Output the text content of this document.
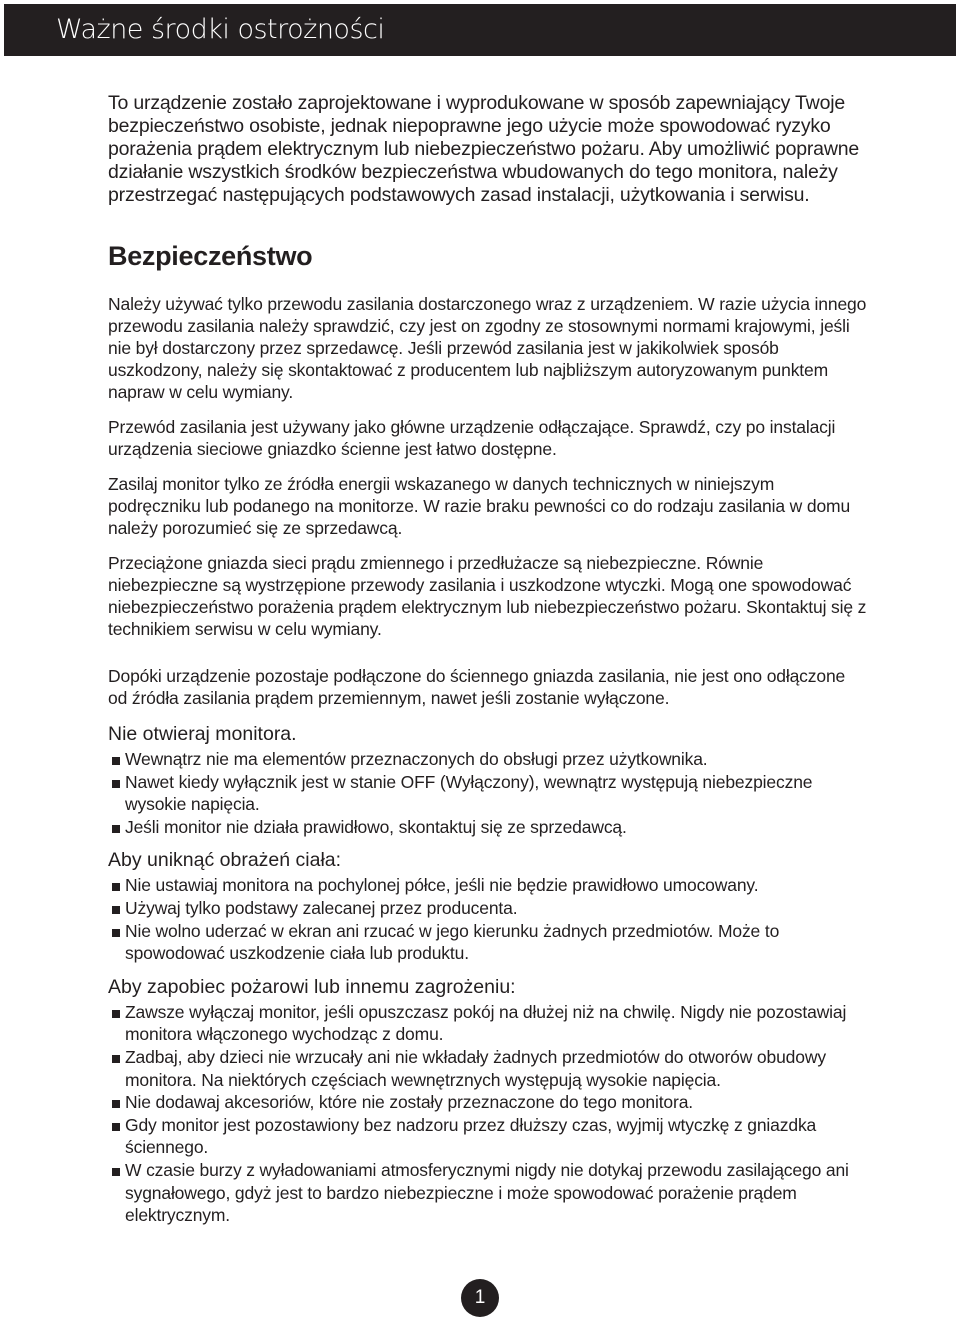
Ważne środki ostrożności

To urządzenie zostało zaprojektowane i wyprodukowane w sposób zapewniający Twoje bezpieczeństwo osobiste, jednak niepoprawne jego użycie może spowodować ryzyko porażenia prądem elektrycznym lub niebezpieczeństwo pożaru. Aby umożliwić poprawne działanie wszystkich środków bezpieczeństwa wbudowanych do tego monitora, należy przestrzegać następujących podstawowych zasad instalacji, użytkowania i serwisu.

Bezpieczeństwo

Należy używać tylko przewodu zasilania dostarczonego wraz z urządzeniem. W razie użycia innego przewodu zasilania należy sprawdzić, czy jest on zgodny ze stosownymi normami krajowymi, jeśli nie był dostarczony przez sprzedawcę. Jeśli przewód zasilania jest w jakikolwiek sposób uszkodzony, należy się skontaktować z producentem lub najbliższym autoryzowanym punktem napraw w celu wymiany.

Przewód zasilania jest używany jako główne urządzenie odłączające. Sprawdź, czy po instalacji urządzenia sieciowe gniazdko ścienne jest łatwo dostępne.

Zasilaj monitor tylko ze źródła energii wskazanego w danych technicznych w niniejszym podręczniku lub podanego na monitorze. W razie braku pewności co do rodzaju zasilania w domu należy porozumieć się ze sprzedawcą.

Przeciążone gniazda sieci prądu zmiennego i przedłużacze są niebezpieczne. Równie niebezpieczne są wystrzępione przewody zasilania i uszkodzone wtyczki. Mogą one spowodować niebezpieczeństwo porażenia prądem elektrycznym lub niebezpieczeństwo pożaru. Skontaktuj się z technikiem serwisu w celu wymiany.

Dopóki urządzenie pozostaje podłączone do ściennego gniazda zasilania, nie jest ono odłączone od źródła zasilania prądem przemiennym, nawet jeśli zostanie wyłączone.

Nie otwieraj monitora.
Wewnątrz nie ma elementów przeznaczonych do obsługi przez użytkownika.
Nawet kiedy wyłącznik jest w stanie OFF (Wyłączony), wewnątrz występują niebezpieczne wysokie napięcia.
Jeśli monitor nie działa prawidłowo, skontaktuj się ze sprzedawcą.
Aby uniknąć obrażeń ciała:
Nie ustawiaj monitora na pochylonej półce, jeśli nie będzie prawidłowo umocowany.
Używaj tylko podstawy zalecanej przez producenta.
Nie wolno uderzać w ekran ani rzucać w jego kierunku żadnych przedmiotów. Może to spowodować uszkodzenie ciała lub produktu.
Aby zapobiec pożarowi lub innemu zagrożeniu:
Zawsze wyłączaj monitor, jeśli opuszczasz pokój na dłużej niż na chwilę. Nigdy nie pozostawiaj monitora włączonego wychodząc z domu.
Zadbaj, aby dzieci nie wrzucały ani nie wkładały żadnych przedmiotów do otworów obudowy monitora. Na niektórych częściach wewnętrznych występują wysokie napięcia.
Nie dodawaj akcesoriów, które nie zostały przeznaczone do tego monitora.
Gdy monitor jest pozostawiony bez nadzoru przez dłuższy czas, wyjmij wtyczkę z gniazdka ściennego.
W czasie burzy z wyładowaniami atmosferycznymi nigdy nie dotykaj przewodu zasilającego ani sygnałowego, gdyż jest to bardzo niebezpieczne i może spowodować porażenie prądem elektrycznym.
1
